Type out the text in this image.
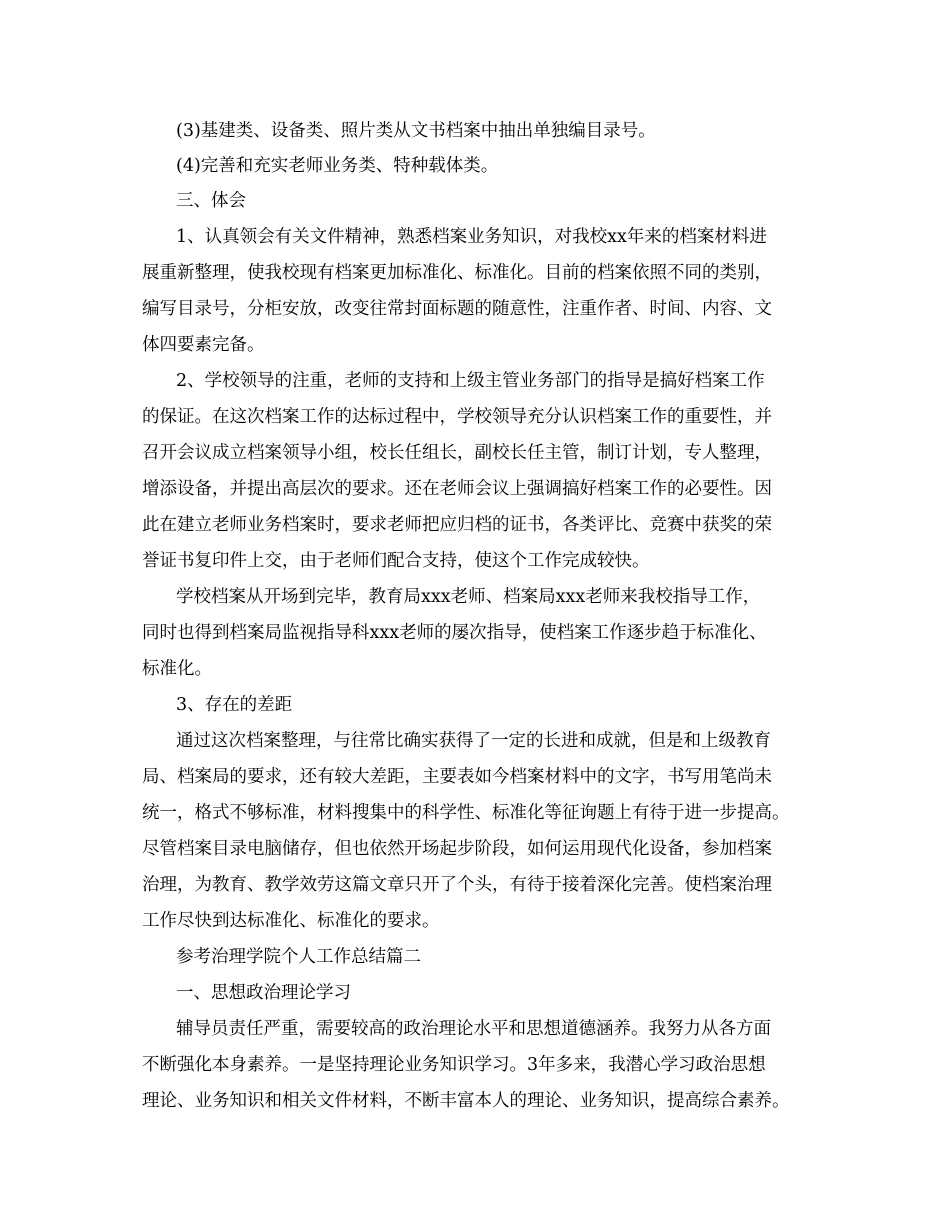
(3)基建类、设备类、照片类从文书档案中抽出单独编目录号。
(4)完善和充实老师业务类、特种载体类。
三、体会
1、认真领会有关文件精神，熟悉档案业务知识，对我校xx年来的档案材料进
展重新整理，使我校现有档案更加标准化、标准化。目前的档案依照不同的类别，
编写目录号，分柜安放，改变往常封面标题的随意性，注重作者、时间、内容、文
体四要素完备。
2、学校领导的注重，老师的支持和上级主管业务部门的指导是搞好档案工作
的保证。在这次档案工作的达标过程中，学校领导充分认识档案工作的重要性，并
召开会议成立档案领导小组，校长任组长，副校长任主管，制订计划，专人整理，
增添设备，并提出高层次的要求。还在老师会议上强调搞好档案工作的必要性。因
此在建立老师业务档案时，要求老师把应归档的证书，各类评比、竞赛中获奖的荣
誉证书复印件上交，由于老师们配合支持，使这个工作完成较快。
学校档案从开场到完毕，教育局xxx老师、档案局xxx老师来我校指导工作，
同时也得到档案局监视指导科xxx老师的屡次指导，使档案工作逐步趋于标准化、
标准化。
3、存在的差距
通过这次档案整理，与往常比确实获得了一定的长进和成就，但是和上级教育
局、档案局的要求，还有较大差距，主要表如今档案材料中的文字，书写用笔尚未
统一，格式不够标准，材料搜集中的科学性、标准化等征询题上有待于进一步提高。
尽管档案目录电脑储存，但也依然开场起步阶段，如何运用现代化设备，参加档案
治理，为教育、教学效劳这篇文章只开了个头，有待于接着深化完善。使档案治理
工作尽快到达标准化、标准化的要求。
参考治理学院个人工作总结篇二
一、思想政治理论学习
辅导员责任严重，需要较高的政治理论水平和思想道德涵养。我努力从各方面
不断强化本身素养。一是坚持理论业务知识学习。3年多来，我潜心学习政治思想
理论、业务知识和相关文件材料，不断丰富本人的理论、业务知识，提高综合素养。
